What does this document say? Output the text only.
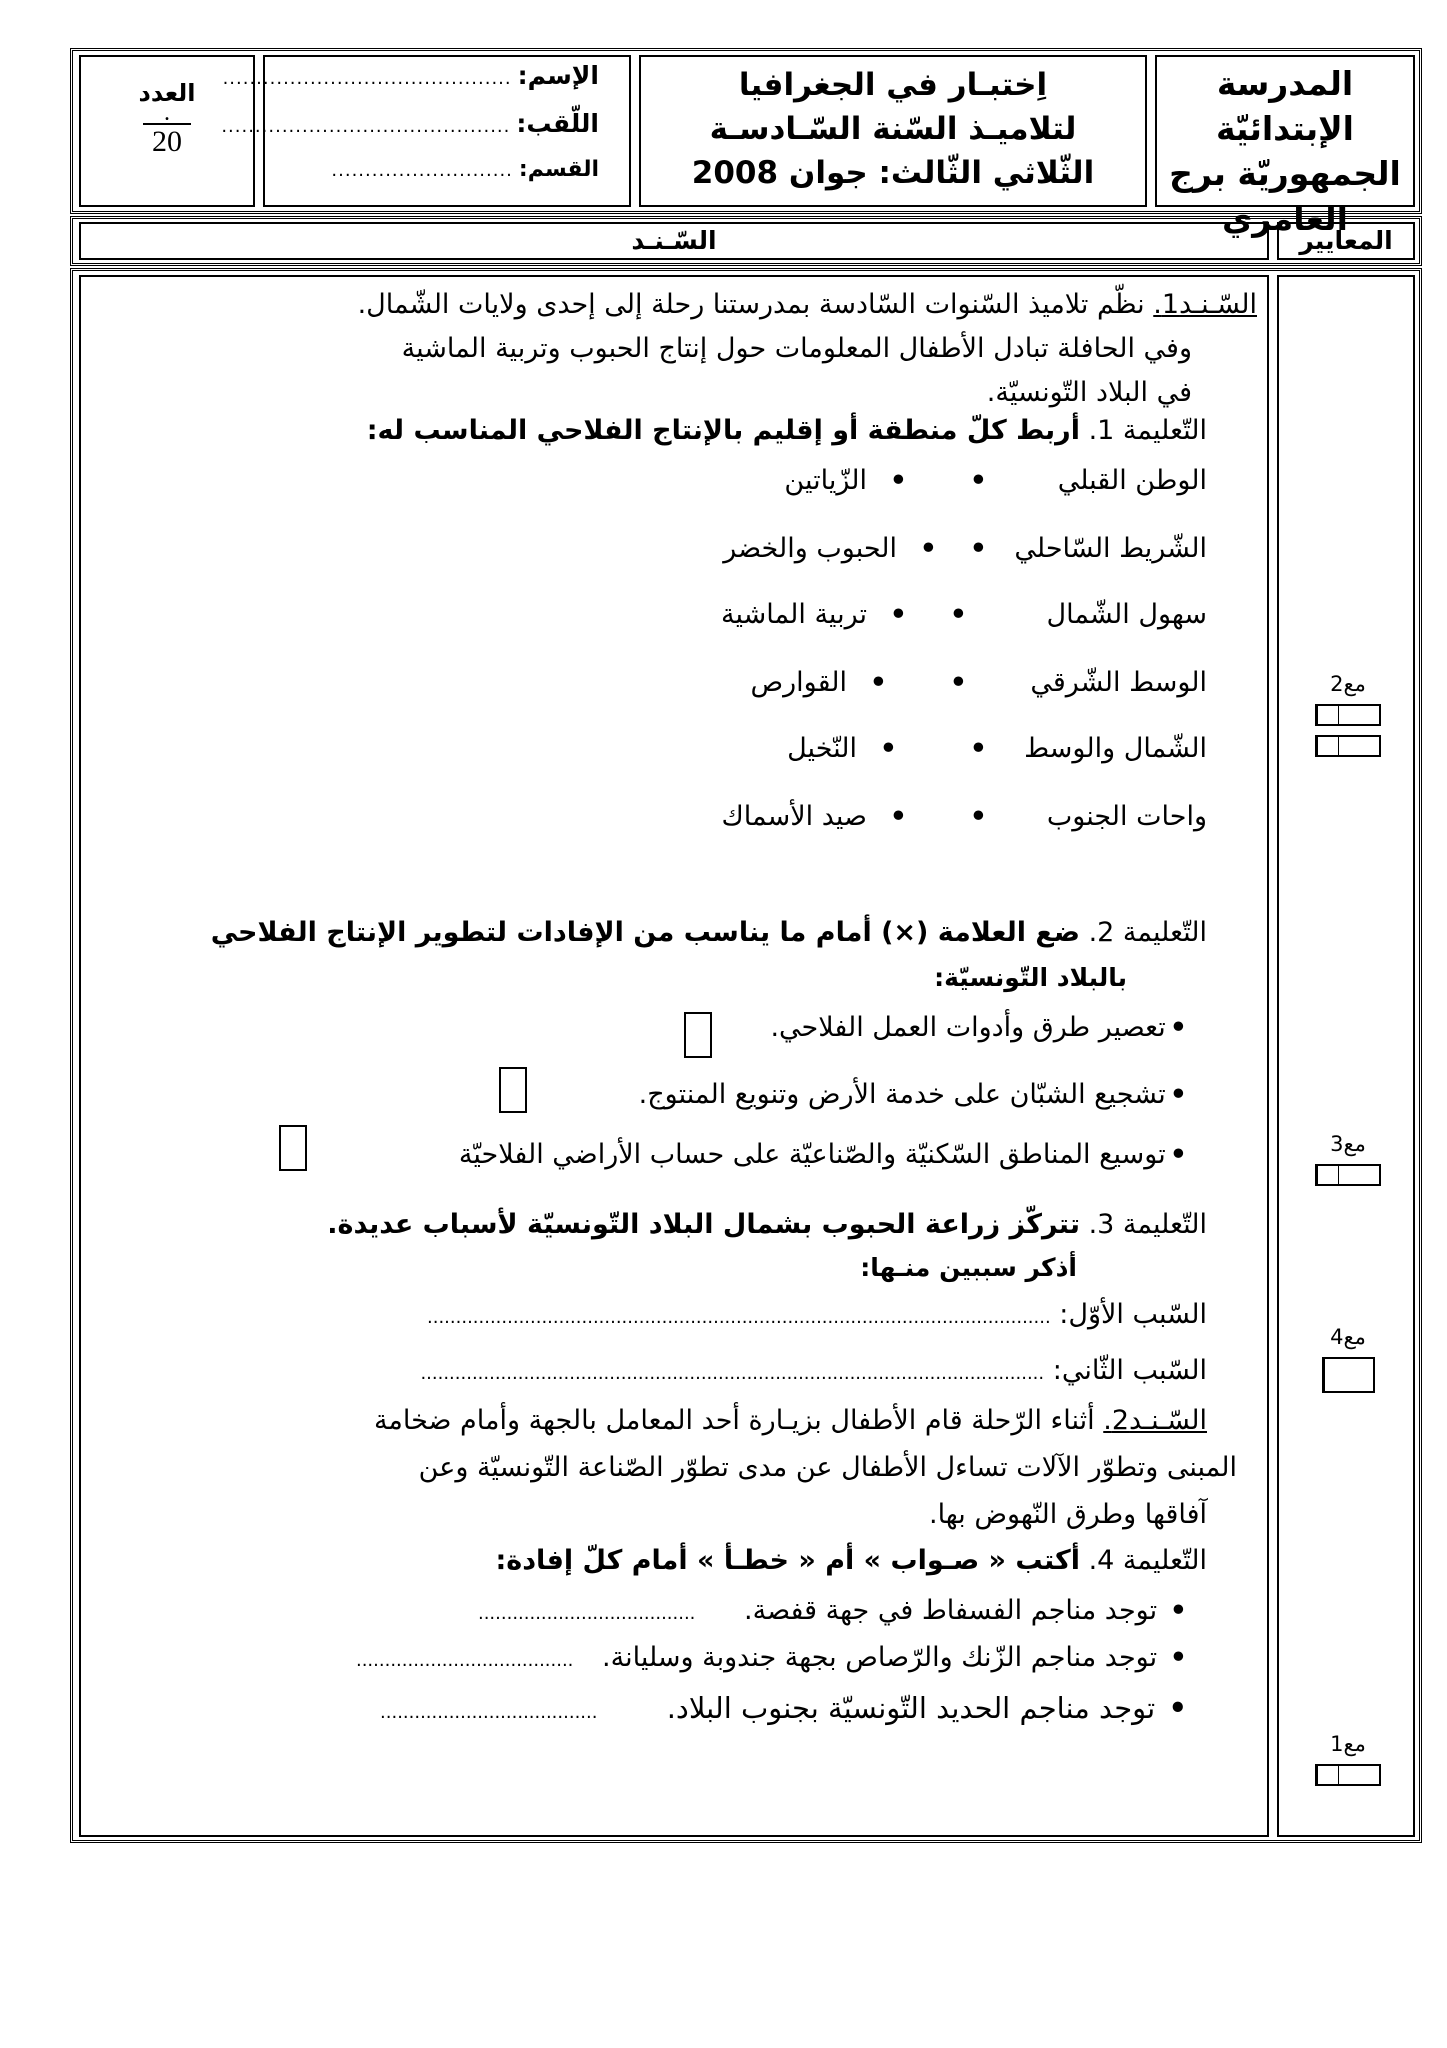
المدرسة الإبتدائيّة
الجمهوريّة برج
العامري
اِختبـار في الجغرافيا
لتلاميـذ السّنة السّـادسـة
الثّلاثي الثّالث: جوان 2008
الإسم:
...........................................
اللّقب:
...........................................
القسم:
...........................
العدد
.
20
المعايير
السّـنـد
مع2

مع3
مع4
مع1
السّـنـد1. نظّم تلاميذ السّنوات السّادسة بمدرستنا رحلة إلى إحدى ولايات الشّمال.
وفي الحافلة تبادل الأطفال المعلومات حول إنتاج الحبوب وتربية الماشية
في البلاد التّونسيّة.
التّعليمة 1. أربط كلّ منطقة أو إقليم بالإنتاج الفلاحي المناسب له:
الوطن القبلي
•
•
الزّياتين
الشّريط السّاحلي
•
•
الحبوب والخضر
سهول الشّمال
•
•
تربية الماشية
الوسط الشّرقي
•
•
القوارص
الشّمال والوسط
•
•
النّخيل
واحات الجنوب
•
•
صيد الأسماك
التّعليمة 2. ضع العلامة (×) أمام ما يناسب من الإفادات لتطوير الإنتاج الفلاحي
بالبلاد التّونسيّة:
• تعصير طرق وأدوات العمل الفلاحي.
• تشجيع الشبّان على خدمة الأرض وتنويع المنتوج.
• توسيع المناطق السّكنيّة والصّناعيّة على حساب الأراضي الفلاحيّة
التّعليمة 3. تتركّز زراعة الحبوب بشمال البلاد التّونسيّة لأسباب عديدة.
أذكر سببين منـها:
السّبب الأوّل: .............................................................................................................
السّبب الثّاني: .............................................................................................................
السّـنـد2. أثناء الرّحلة قام الأطفال بزيـارة أحد المعامل بالجهة وأمام ضخامة
المبنى وتطوّر الآلات تساءل الأطفال عن مدى تطوّر الصّناعة التّونسيّة وعن
آفاقها وطرق النّهوض بها.
التّعليمة 4. أكتب « صـواب » أم « خطـأ » أمام كلّ إفادة:
• توجد مناجم الفسفاط في جهة قفصة. ......................................
• توجد مناجم الزّنك والرّصاص بجهة جندوبة وسليانة. ......................................
• توجد مناجم الحديد التّونسيّة بجنوب البلاد. ......................................
